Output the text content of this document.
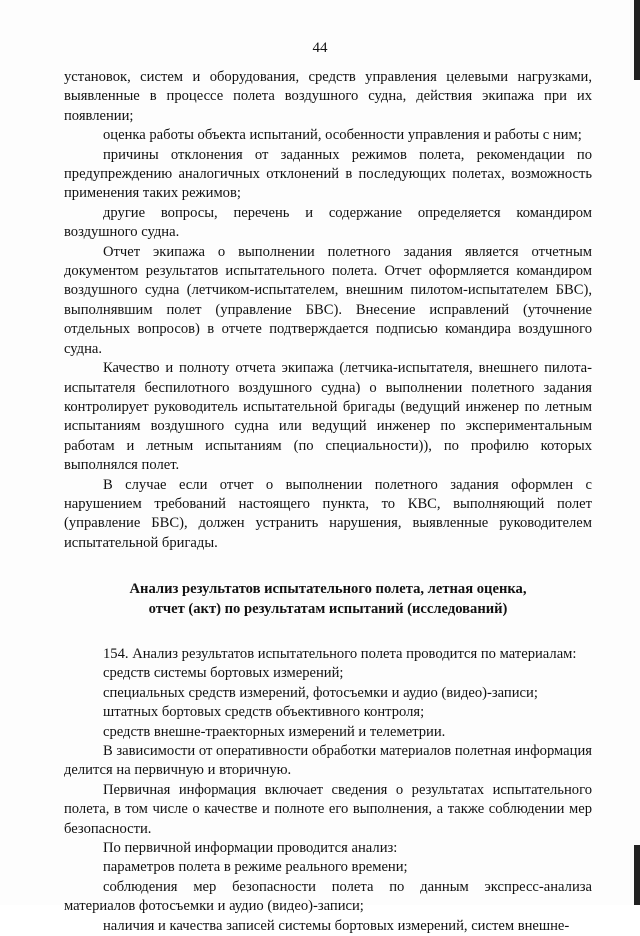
44

установок, систем и оборудования, средств управления целевыми нагрузками, выявленные в процессе полета воздушного судна, действия экипажа при их появлении;

оценка работы объекта испытаний, особенности управления и работы с ним;

причины отклонения от заданных режимов полета, рекомендации по предупреждению аналогичных отклонений в последующих полетах, возможность применения таких режимов;

другие вопросы, перечень и содержание определяется командиром воздушного судна.

Отчет экипажа о выполнении полетного задания является отчетным документом результатов испытательного полета. Отчет оформляется командиром воздушного судна (летчиком-испытателем, внешним пилотом-испытателем БВС), выполнявшим полет (управление БВС). Внесение исправлений (уточнение отдельных вопросов) в отчете подтверждается подписью командира воздушного судна.

Качество и полноту отчета экипажа (летчика-испытателя, внешнего пилота-испытателя беспилотного воздушного судна) о выполнении полетного задания контролирует руководитель испытательной бригады (ведущий инженер по летным испытаниям воздушного судна или ведущий инженер по экспериментальным работам и летным испытаниям (по специальности)), по профилю которых выполнялся полет.

В случае если отчет о выполнении полетного задания оформлен с нарушением требований настоящего пункта, то КВС, выполняющий полет (управление БВС), должен устранить нарушения, выявленные руководителем испытательной бригады.

Анализ результатов испытательного полета, летная оценка,
отчет (акт) по результатам испытаний (исследований)

154. Анализ результатов испытательного полета проводится по материалам:

средств системы бортовых измерений;

специальных средств измерений, фотосъемки и аудио (видео)-записи;

штатных бортовых средств объективного контроля;

средств внешне-траекторных измерений и телеметрии.

В зависимости от оперативности обработки материалов полетная информация делится на первичную и вторичную.

Первичная информация включает сведения о результатах испытательного полета, в том числе о качестве и полноте его выполнения, а также соблюдении мер безопасности.

По первичной информации проводится анализ:

параметров полета в режиме реального времени;

соблюдения мер безопасности полета по данным экспресс-анализа материалов фотосъемки и аудио (видео)-записи;

наличия и качества записей системы бортовых измерений, систем внешне-
